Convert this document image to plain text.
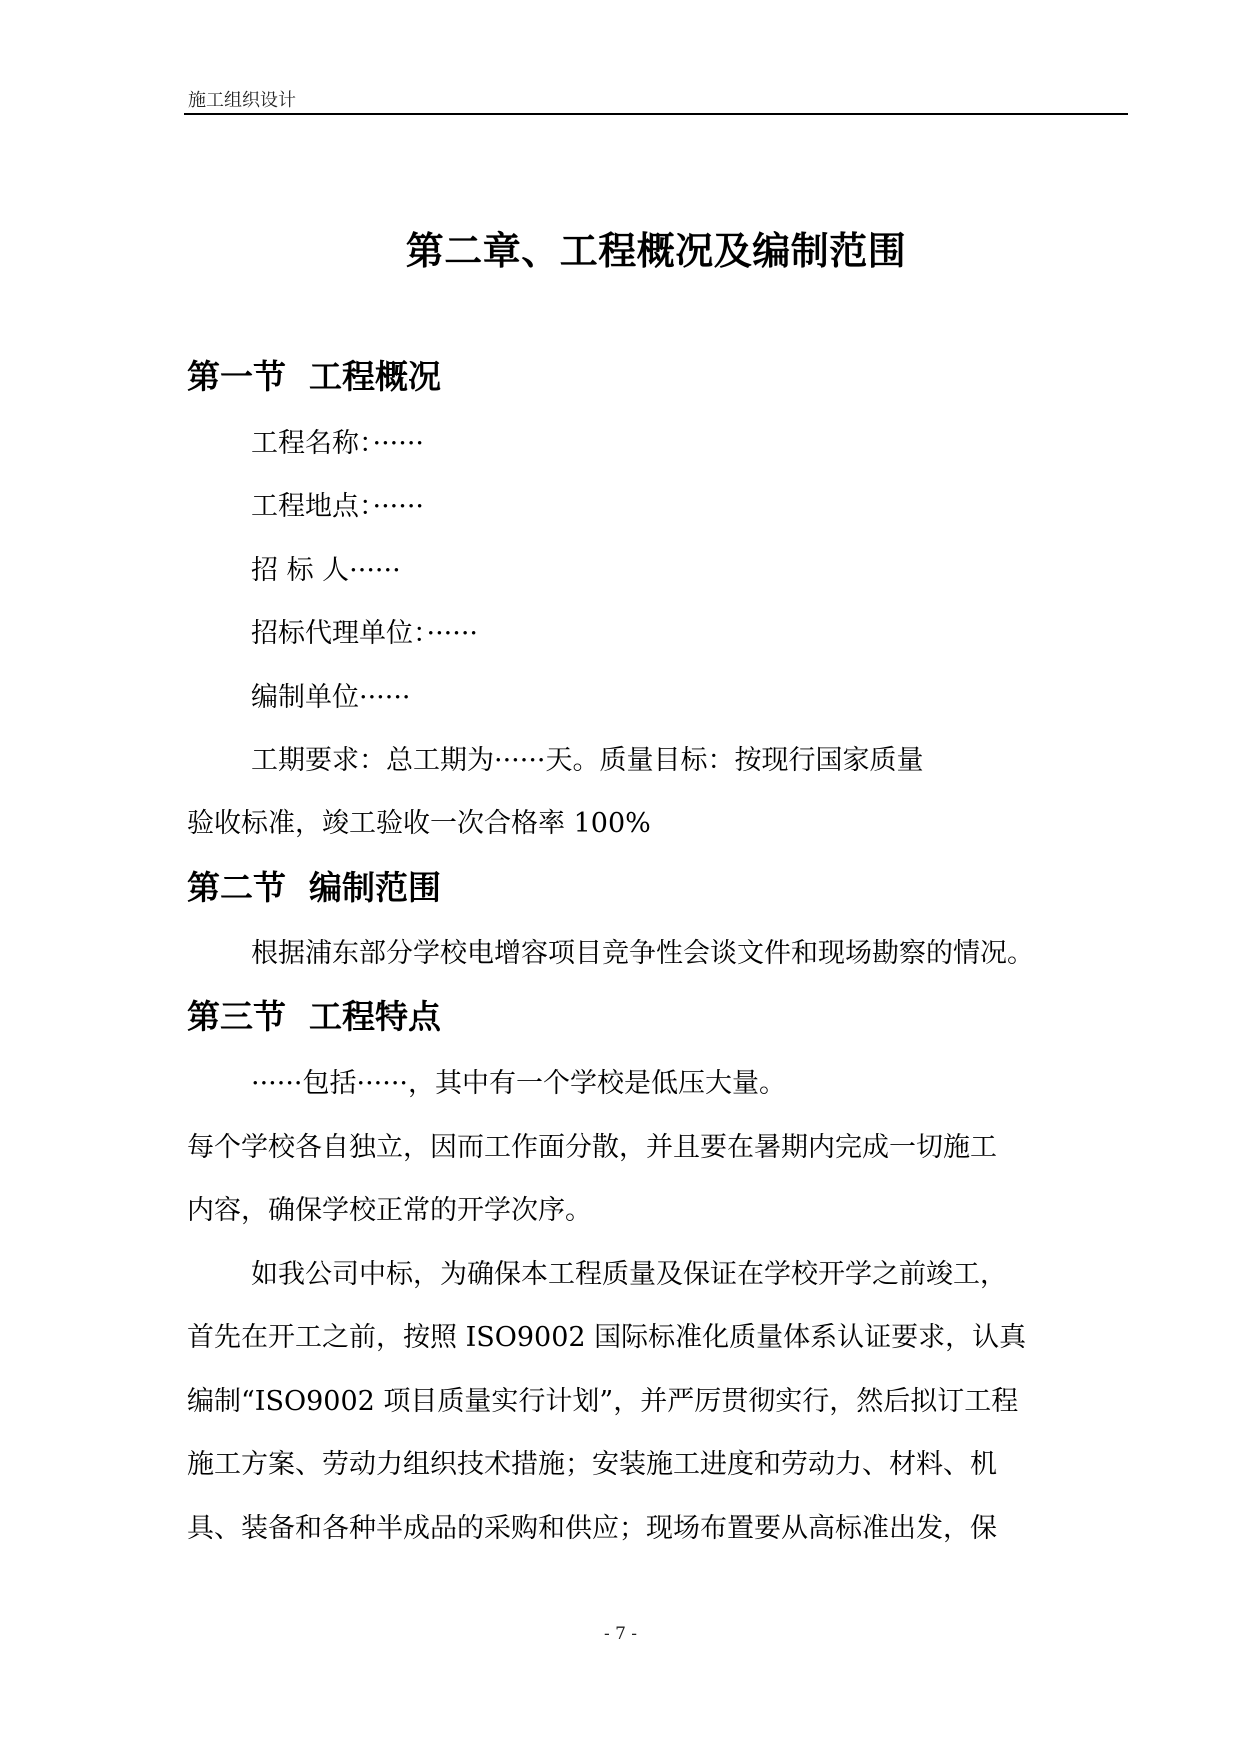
施工组织设计
第二章、工程概况及编制范围
第一节  工程概况
工程名称：······
工程地点：······
招 标 人······
招标代理单位：······
编制单位······
工期要求：总工期为······天。质量目标：按现行国家质量
验收标准，竣工验收一次合格率 100%
第二节  编制范围
根据浦东部分学校电增容项目竞争性会谈文件和现场勘察的情况。
第三节  工程特点
······包括······，其中有一个学校是低压大量。
每个学校各自独立，因而工作面分散，并且要在暑期内完成一切施工
内容，确保学校正常的开学次序。
如我公司中标，为确保本工程质量及保证在学校开学之前竣工，
首先在开工之前，按照 ISO9002 国际标准化质量体系认证要求，认真
编制“ISO9002 项目质量实行计划”，并严厉贯彻实行，然后拟订工程
施工方案、劳动力组织技术措施；安装施工进度和劳动力、材料、机
具、装备和各种半成品的采购和供应；现场布置要从高标准出发，保
- 7 -
